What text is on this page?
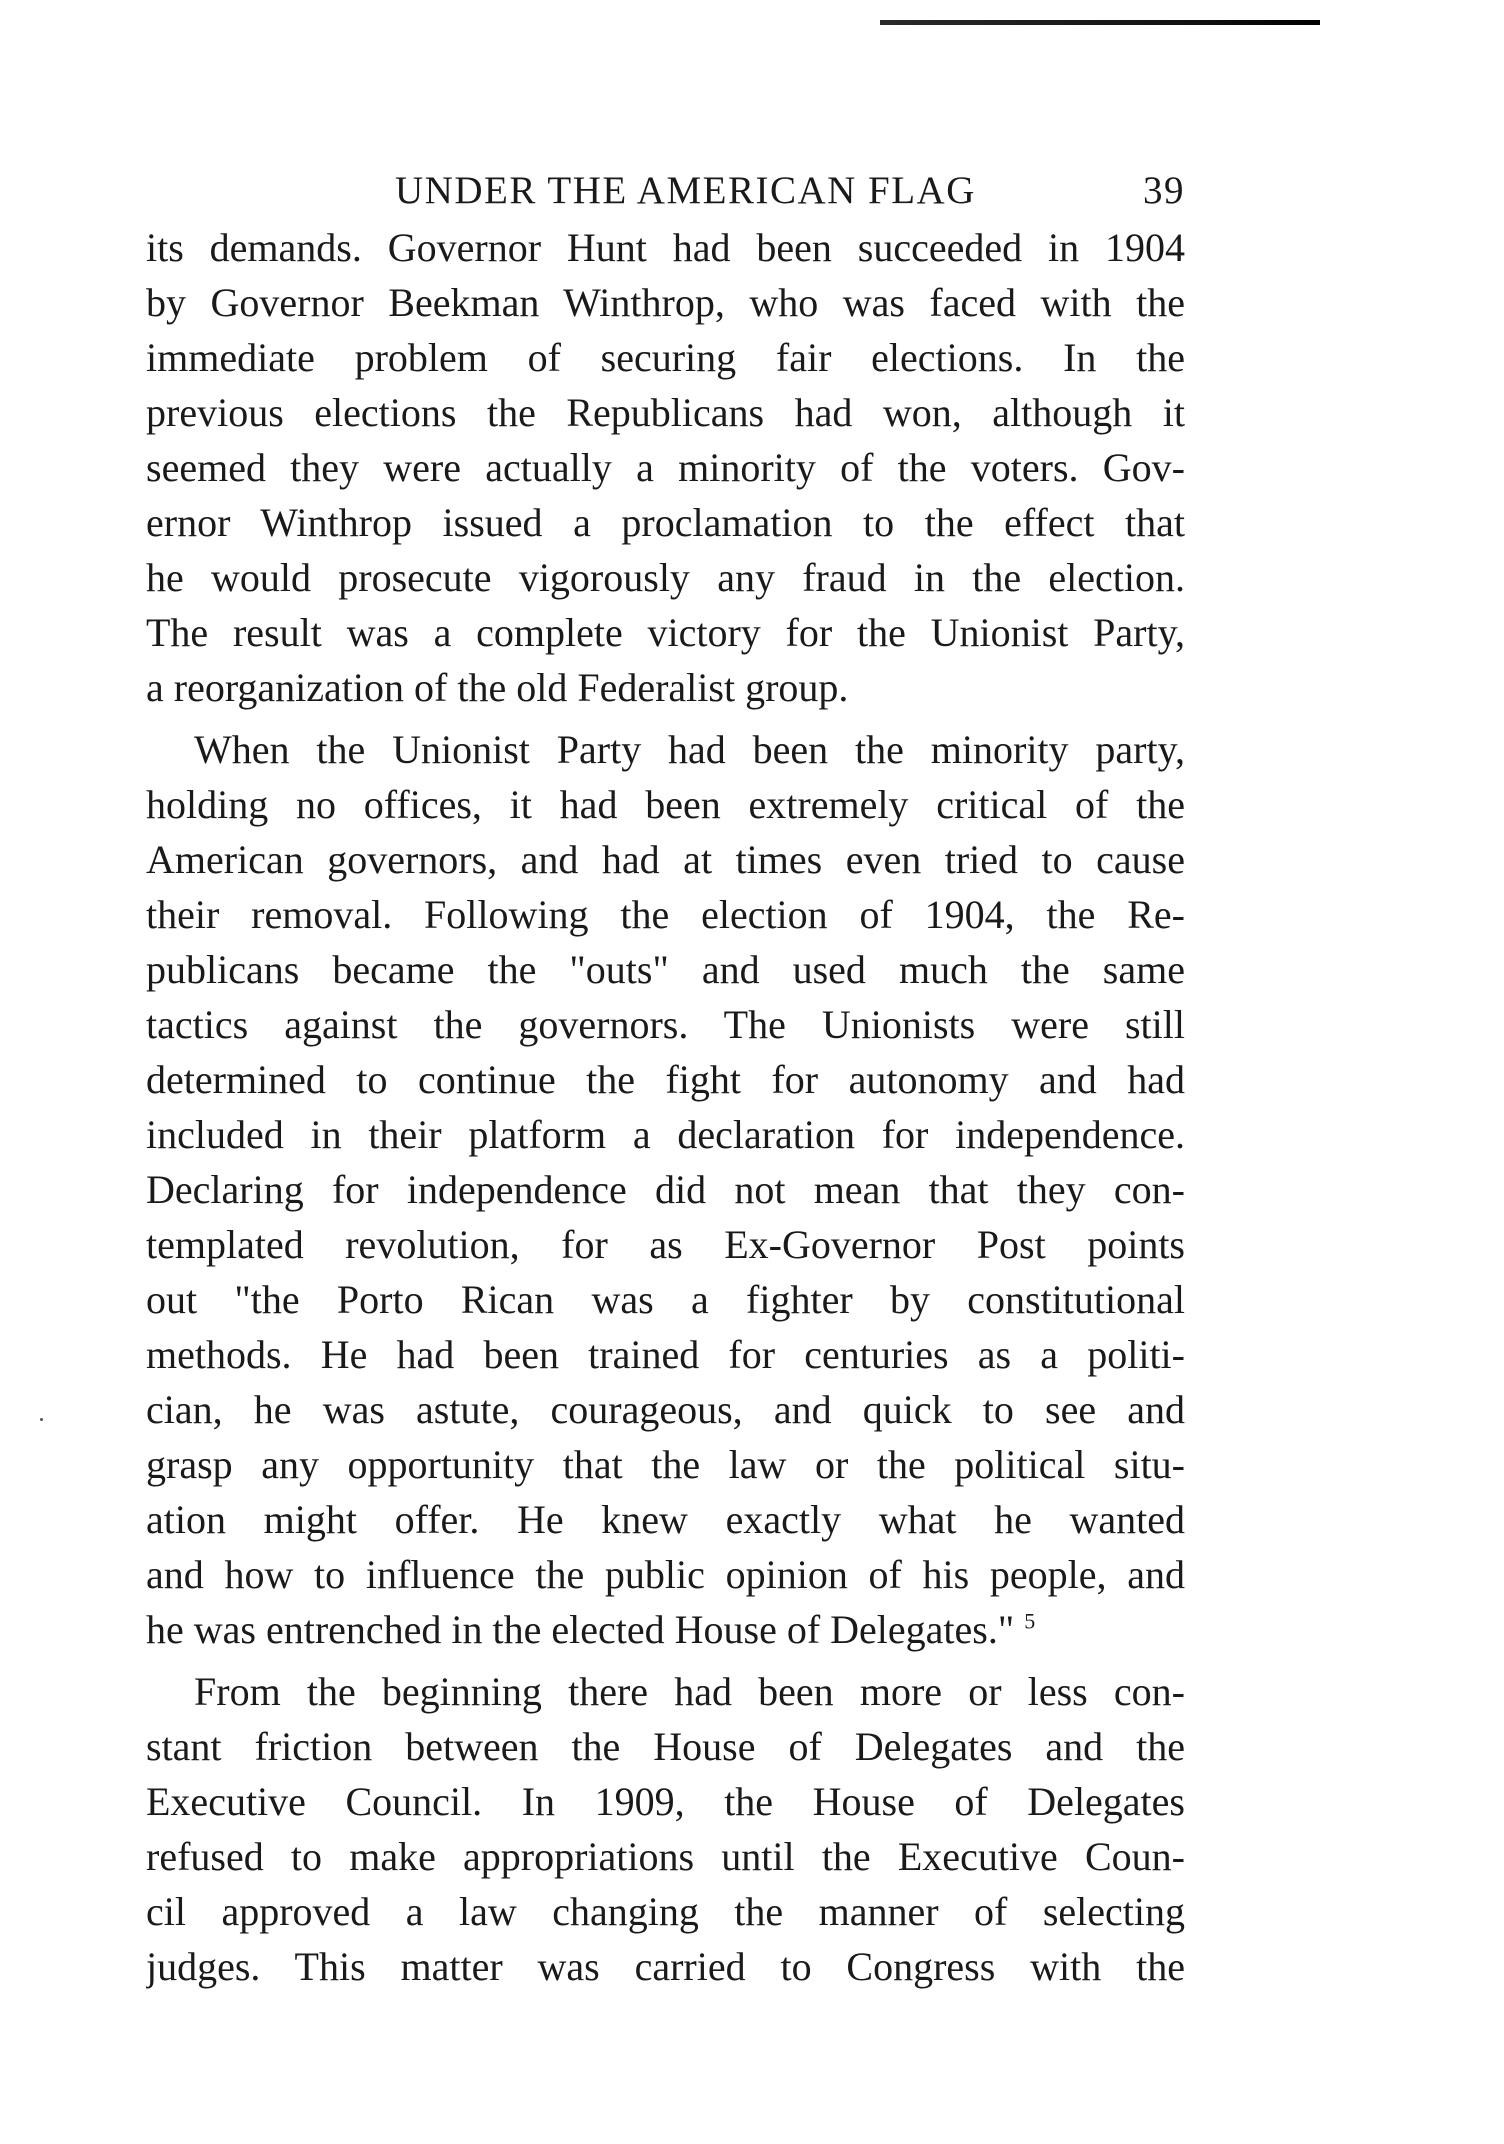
UNDER THE AMERICAN FLAG	39
its demands. Governor Hunt had been succeeded in 1904
by Governor Beekman Winthrop, who was faced with the
immediate problem of securing fair elections. In the
previous elections the Republicans had won, although it
seemed they were actually a minority of the voters. Gov-
ernor Winthrop issued a proclamation to the effect that
he would prosecute vigorously any fraud in the election.
The result was a complete victory for the Unionist Party,
a reorganization of the old Federalist group.
When the Unionist Party had been the minority party,
holding no offices, it had been extremely critical of the
American governors, and had at times even tried to cause
their removal. Following the election of 1904, the Re-
publicans became the "outs" and used much the same
tactics against the governors. The Unionists were still
determined to continue the fight for autonomy and had
included in their platform a declaration for independence.
Declaring for independence did not mean that they con-
templated revolution, for as Ex-Governor Post points
out "the Porto Rican was a fighter by constitutional
methods. He had been trained for centuries as a politi-
cian, he was astute, courageous, and quick to see and
grasp any opportunity that the law or the political situ-
ation might offer. He knew exactly what he wanted
and how to influence the public opinion of his people, and
he was entrenched in the elected House of Delegates." $^5$
From the beginning there had been more or less con-
stant friction between the House of Delegates and the
Executive Council. In 1909, the House of Delegates
refused to make appropriations until the Executive Coun-
cil approved a law changing the manner of selecting
judges. This matter was carried to Congress with the
